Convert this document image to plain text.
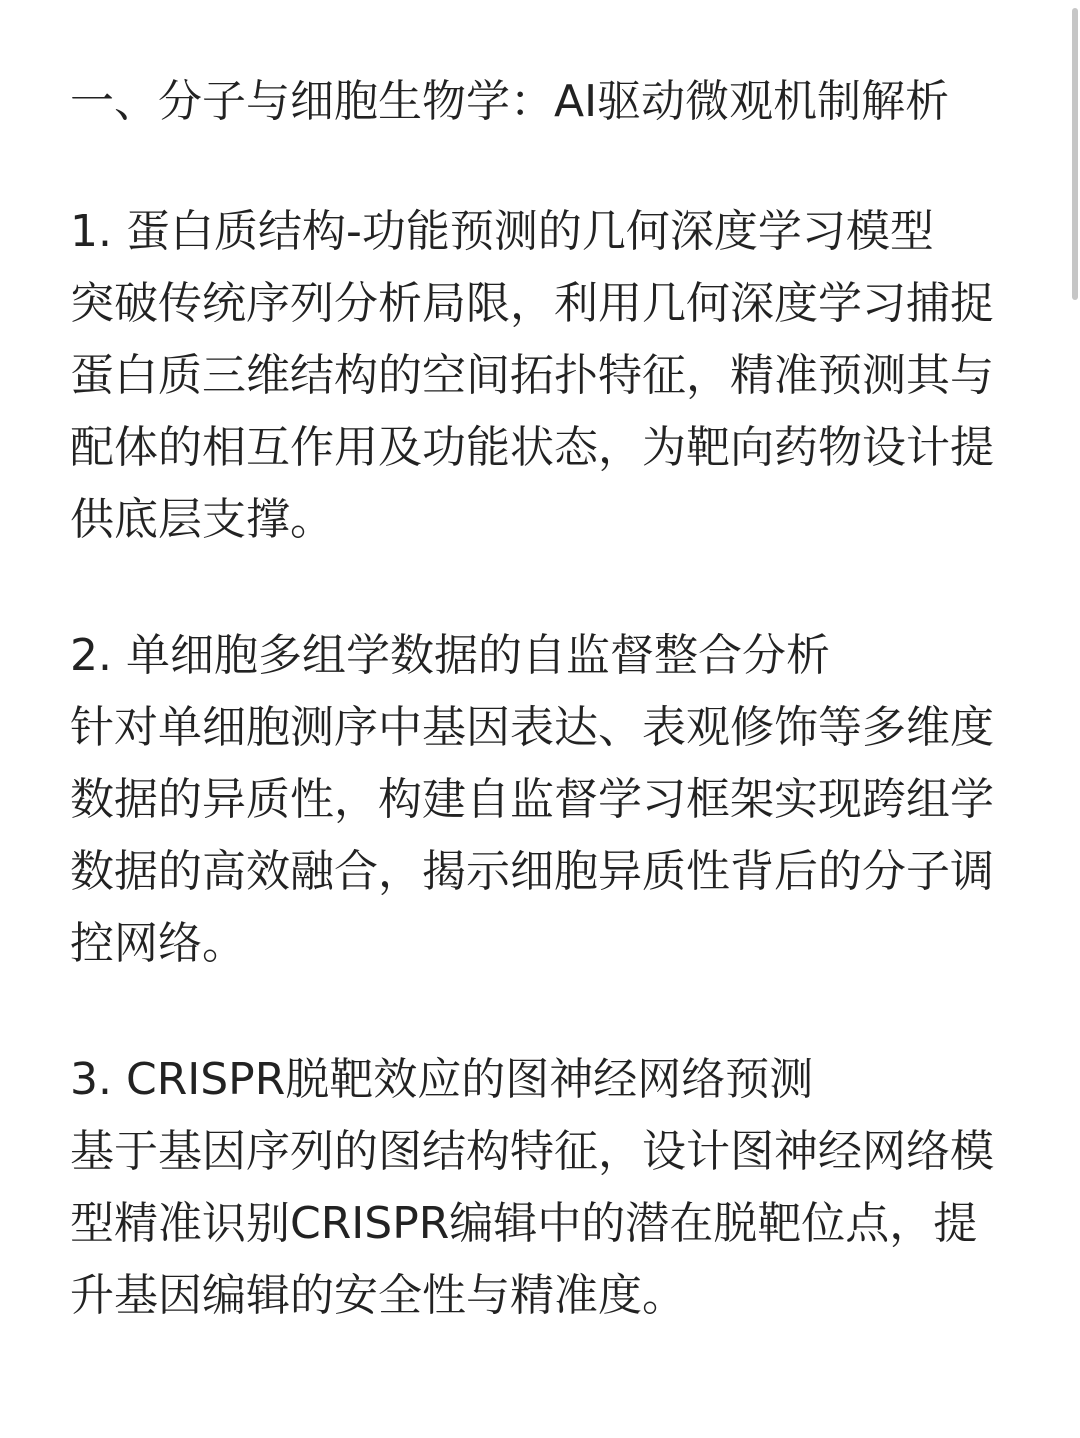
一、分子与细胞生物学：AI驱动微观机制解析
1. 蛋白质结构-功能预测的几何深度学习模型

突破传统序列分析局限，利用几何深度学习捕捉蛋白质三维结构的空间拓扑特征，精准预测其与配体的相互作用及功能状态，为靶向药物设计提供底层支撑。

2. 单细胞多组学数据的自监督整合分析

针对单细胞测序中基因表达、表观修饰等多维度数据的异质性，构建自监督学习框架实现跨组学数据的高效融合，揭示细胞异质性背后的分子调控网络。

3. CRISPR脱靶效应的图神经网络预测

基于基因序列的图结构特征，设计图神经网络模型精准识别CRISPR编辑中的潜在脱靶位点，提升基因编辑的安全性与精准度。
